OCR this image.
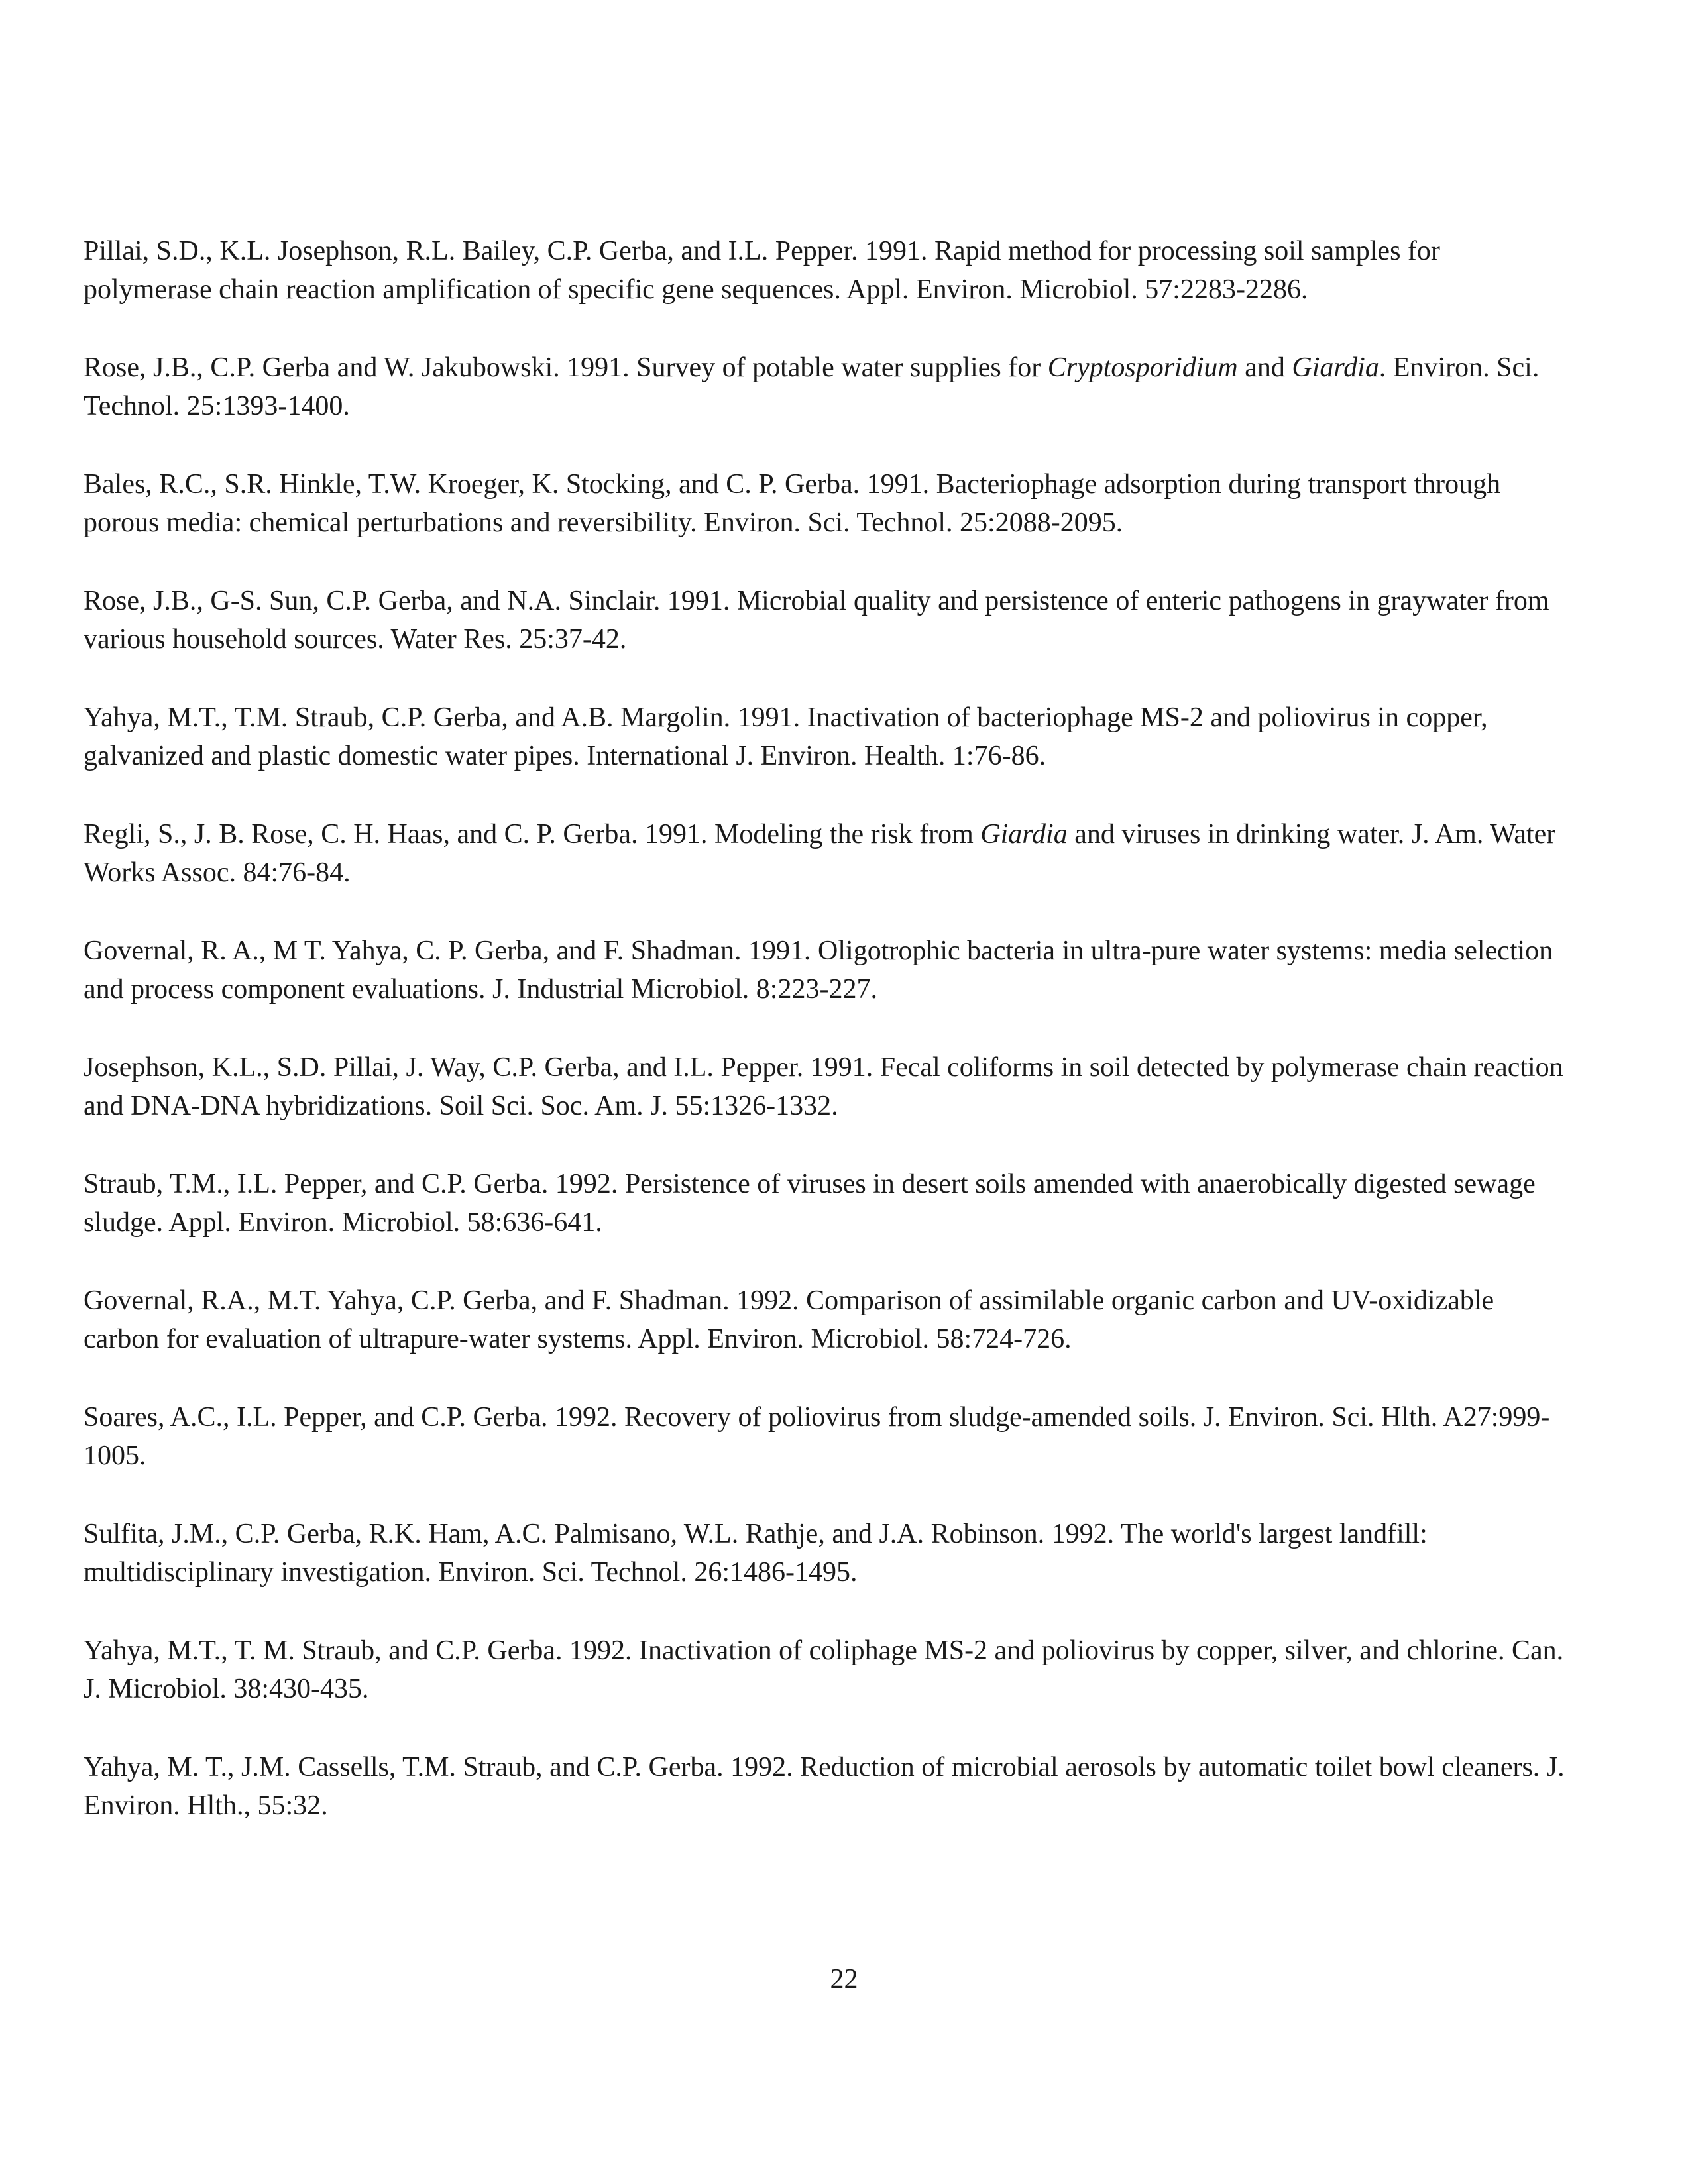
Pillai, S.D., K.L. Josephson, R.L. Bailey, C.P. Gerba, and I.L. Pepper. 1991. Rapid method for processing soil samples for polymerase chain reaction amplification of specific gene sequences. Appl. Environ. Microbiol. 57:2283-2286.
Rose, J.B., C.P. Gerba and W. Jakubowski. 1991. Survey of potable water supplies for Cryptosporidium and Giardia. Environ. Sci. Technol. 25:1393-1400.
Bales, R.C., S.R. Hinkle, T.W. Kroeger, K. Stocking, and C. P. Gerba. 1991. Bacteriophage adsorption during transport through porous media: chemical perturbations and reversibility. Environ. Sci. Technol. 25:2088-2095.
Rose, J.B., G-S. Sun, C.P. Gerba, and N.A. Sinclair. 1991. Microbial quality and persistence of enteric pathogens in graywater from various household sources. Water Res. 25:37-42.
Yahya, M.T., T.M. Straub, C.P. Gerba, and A.B. Margolin. 1991. Inactivation of bacteriophage MS-2 and poliovirus in copper, galvanized and plastic domestic water pipes. International J. Environ. Health. 1:76-86.
Regli, S., J. B. Rose, C. H. Haas, and C. P. Gerba. 1991. Modeling the risk from Giardia and viruses in drinking water. J. Am. Water Works Assoc. 84:76-84.
Governal, R. A., M T. Yahya, C. P. Gerba, and F. Shadman. 1991. Oligotrophic bacteria in ultra-pure water systems: media selection and process component evaluations. J. Industrial Microbiol. 8:223-227.
Josephson, K.L., S.D. Pillai, J. Way, C.P. Gerba, and I.L. Pepper. 1991. Fecal coliforms in soil detected by polymerase chain reaction and DNA-DNA hybridizations. Soil Sci. Soc. Am. J. 55:1326-1332.
Straub, T.M., I.L. Pepper, and C.P. Gerba. 1992. Persistence of viruses in desert soils amended with anaerobically digested sewage sludge. Appl. Environ. Microbiol. 58:636-641.
Governal, R.A., M.T. Yahya, C.P. Gerba, and F. Shadman. 1992. Comparison of assimilable organic carbon and UV-oxidizable carbon for evaluation of ultrapure-water systems. Appl. Environ. Microbiol. 58:724-726.
Soares, A.C., I.L. Pepper, and C.P. Gerba. 1992. Recovery of poliovirus from sludge-amended soils. J. Environ. Sci. Hlth. A27:999-1005.
Sulfita, J.M., C.P. Gerba, R.K. Ham, A.C. Palmisano, W.L. Rathje, and J.A. Robinson. 1992. The world's largest landfill: multidisciplinary investigation. Environ. Sci. Technol. 26:1486-1495.
Yahya, M.T., T. M. Straub, and C.P. Gerba. 1992. Inactivation of coliphage MS-2 and poliovirus by copper, silver, and chlorine. Can. J. Microbiol. 38:430-435.
Yahya, M. T., J.M. Cassells, T.M. Straub, and C.P. Gerba. 1992. Reduction of microbial aerosols by automatic toilet bowl cleaners. J. Environ. Hlth., 55:32.
22
